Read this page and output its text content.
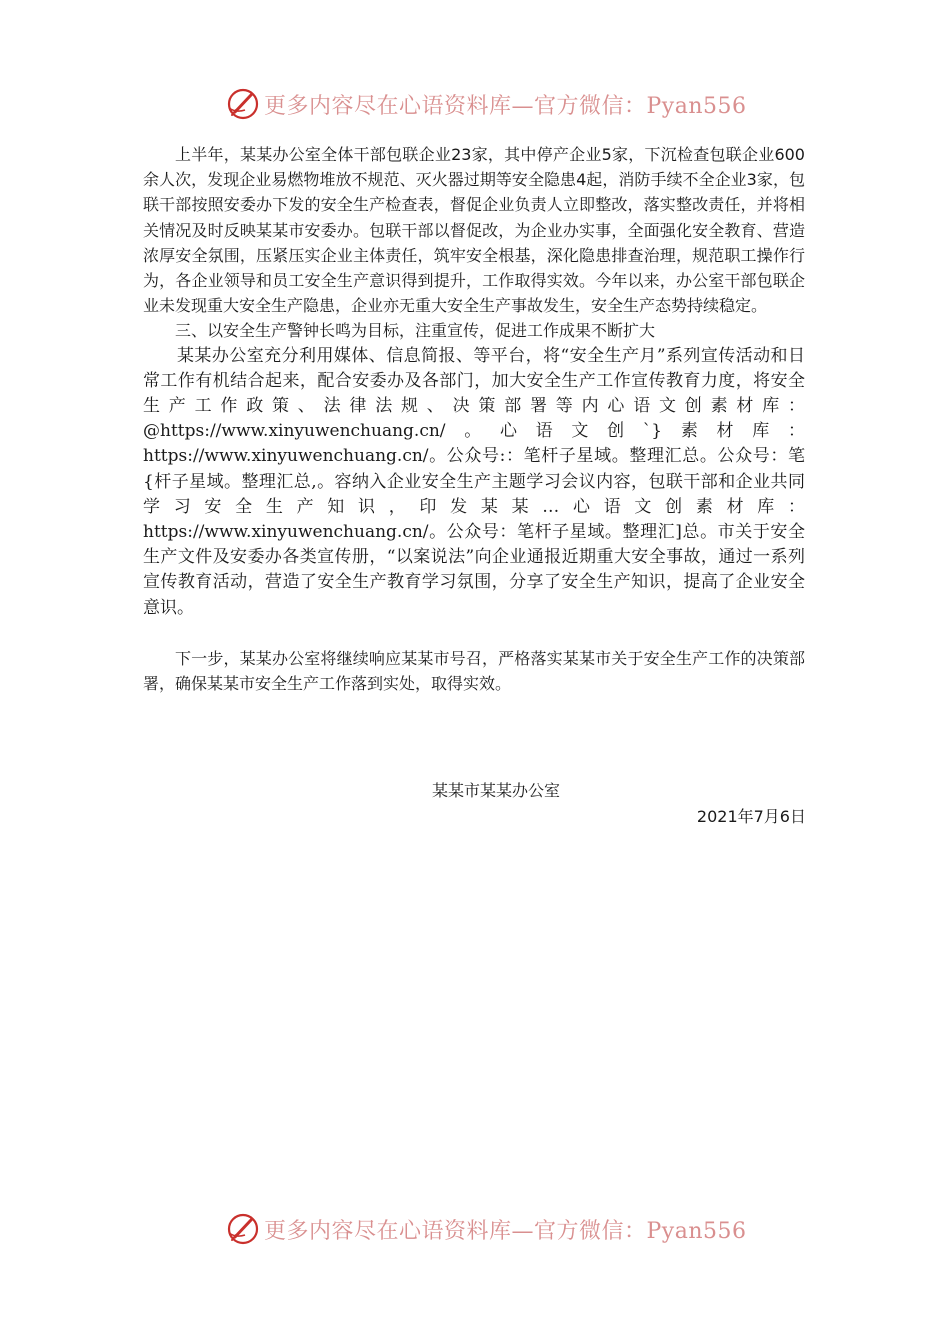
更多内容尽在心语资料库—官方微信：Pyan556

上半年，某某办公室全体干部包联企业23家，其中停产企业5家，下沉检查包联企业600余人次，发现企业易燃物堆放不规范、灭火器过期等安全隐患4起，消防手续不全企业3家，包联干部按照安委办下发的安全生产检查表，督促企业负责人立即整改，落实整改责任，并将相关情况及时反映某某市安委办。包联干部以督促改，为企业办实事，全面强化安全教育、营造浓厚安全氛围，压紧压实企业主体责任，筑牢安全根基，深化隐患排查治理，规范职工操作行为，各企业领导和员工安全生产意识得到提升，工作取得实效。今年以来，办公室干部包联企业未发现重大安全生产隐患，企业亦无重大安全生产事故发生，安全生产态势持续稳定。

三、以安全生产警钟长鸣为目标，注重宣传，促进工作成果不断扩大

某某办公室充分利用媒体、信息简报、等平台，将“安全生产月”系列宣传活动和日常工作有机结合起来，配合安委办及各部门，加大安全生产工作宣传教育力度，将安全生产工作政策、法律法规、决策部署等内心语文创素材库：@https://www.xinyuwenchuang.cn/。心语文创`}素材库：https://www.xinyuwenchuang.cn/。公众号:：笔杆子星域。整理汇总。公众号：笔{杆子星域。整理汇总,。容纳入企业安全生产主题学习会议内容，包联干部和企业共同学习安全生产知识，印发某某…心语文创素材库：https://www.xinyuwenchuang.cn/。公众号：笔杆子星域。整理汇]总。市关于安全生产文件及安委办各类宣传册，“以案说法”向企业通报近期重大安全事故，通过一系列宣传教育活动，营造了安全生产教育学习氛围，分享了安全生产知识，提高了企业安全意识。

下一步，某某办公室将继续响应某某市号召，严格落实某某市关于安全生产工作的决策部署，确保某某市安全生产工作落到实处，取得实效。

某某市某某办公室
2021年7月6日
更多内容尽在心语资料库—官方微信：Pyan556
